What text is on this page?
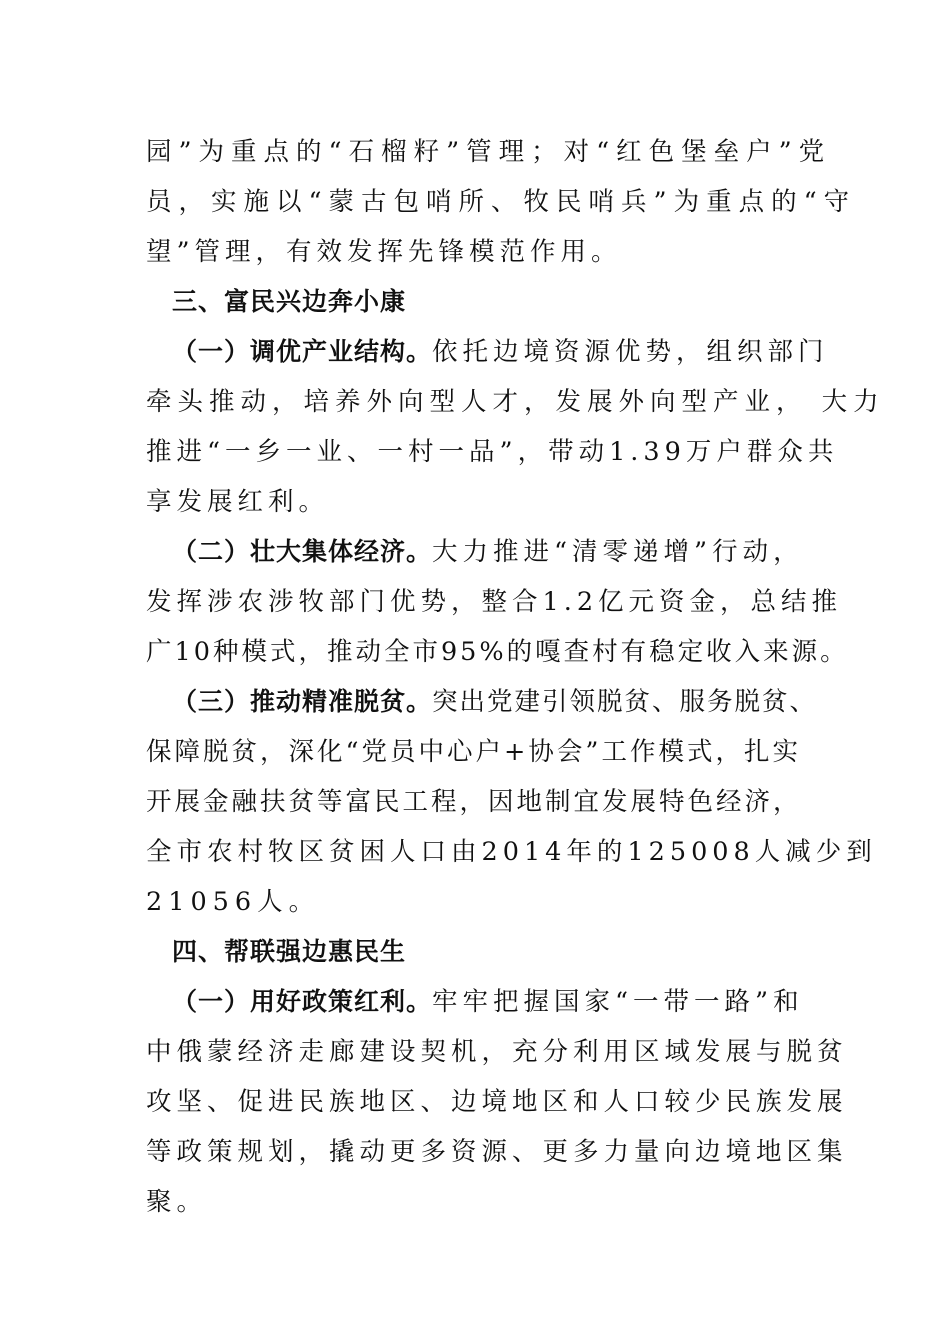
园”为重点的“石榴籽”管理；对“红色堡垒户”党
员，实施以“蒙古包哨所、牧民哨兵”为重点的“守
望”管理，有效发挥先锋模范作用。
三、富民兴边奔小康
（一）调优产业结构。依托边境资源优势，组织部门
牵头推动，培养外向型人才，发展外向型产业， 大力
推进“一乡一业、一村一品”，带动1.39万户群众共
享发展红利。
（二）壮大集体经济。大力推进“清零递增”行动，
发挥涉农涉牧部门优势，整合1.2亿元资金，总结推
广10种模式，推动全市95%的嘎查村有稳定收入来源。
（三）推动精准脱贫。突出党建引领脱贫、服务脱贫、
保障脱贫，深化“党员中心户+协会”工作模式，扎实
开展金融扶贫等富民工程，因地制宜发展特色经济，
全市农村牧区贫困人口由2014年的125008人减少到
21056人。
四、帮联强边惠民生
（一）用好政策红利。牢牢把握国家“一带一路”和
中俄蒙经济走廊建设契机，充分利用区域发展与脱贫
攻坚、促进民族地区、边境地区和人口较少民族发展
等政策规划，撬动更多资源、更多力量向边境地区集
聚。
